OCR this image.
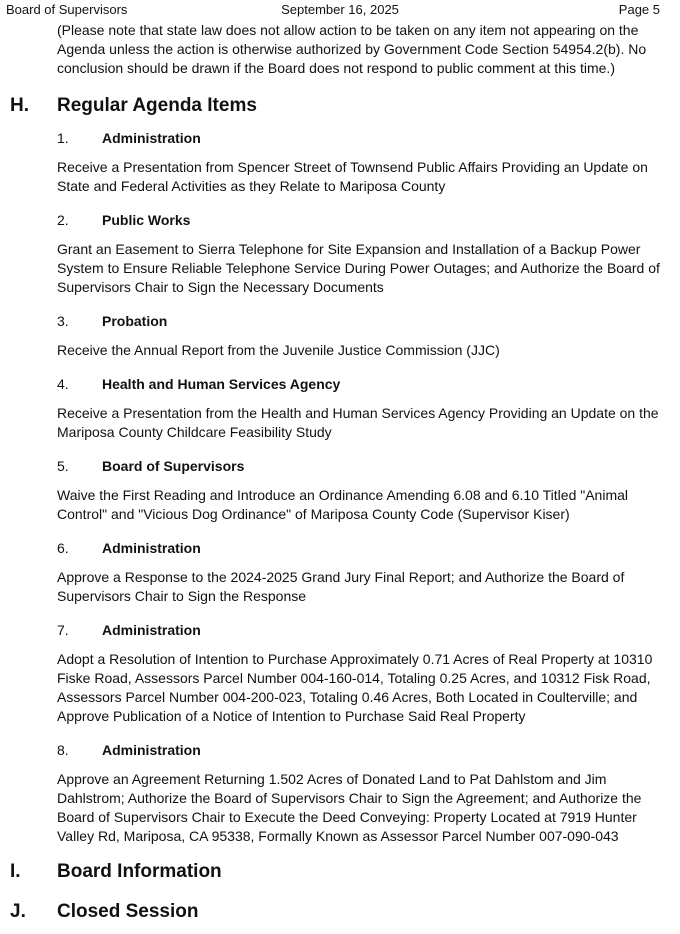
Board of Supervisors	September 16, 2025	Page 5

(Please note that state law does not allow action to be taken on any item not appearing on the Agenda unless the action is otherwise authorized by Government Code Section 54954.2(b). No conclusion should be drawn if the Board does not respond to public comment at this time.)

H. Regular Agenda Items
1. Administration

Receive a Presentation from Spencer Street of Townsend Public Affairs Providing an Update on State and Federal Activities as they Relate to Mariposa County

2. Public Works

Grant an Easement to Sierra Telephone for Site Expansion and Installation of a Backup Power System to Ensure Reliable Telephone Service During Power Outages; and Authorize the Board of Supervisors Chair to Sign the Necessary Documents

3. Probation

Receive the Annual Report from the Juvenile Justice Commission (JJC)

4. Health and Human Services Agency

Receive a Presentation from the Health and Human Services Agency Providing an Update on the Mariposa County Childcare Feasibility Study

5. Board of Supervisors

Waive the First Reading and Introduce an Ordinance Amending 6.08 and 6.10 Titled "Animal Control" and "Vicious Dog Ordinance" of Mariposa County Code (Supervisor Kiser)

6. Administration

Approve a Response to the 2024-2025 Grand Jury Final Report; and Authorize the Board of Supervisors Chair to Sign the Response

7. Administration

Adopt a Resolution of Intention to Purchase Approximately 0.71 Acres of Real Property at 10310 Fiske Road, Assessors Parcel Number 004-160-014, Totaling 0.25 Acres, and 10312 Fisk Road, Assessors Parcel Number 004-200-023, Totaling 0.46 Acres, Both Located in Coulterville; and Approve Publication of a Notice of Intention to Purchase Said Real Property

8. Administration

Approve an Agreement Returning 1.502 Acres of Donated Land to Pat Dahlstom and Jim Dahlstrom; Authorize the Board of Supervisors Chair to Sign the Agreement; and Authorize the Board of Supervisors Chair to Execute the Deed Conveying: Property Located at 7919 Hunter Valley Rd, Mariposa, CA 95338, Formally Known as Assessor Parcel Number 007-090-043

I. Board Information
J. Closed Session
